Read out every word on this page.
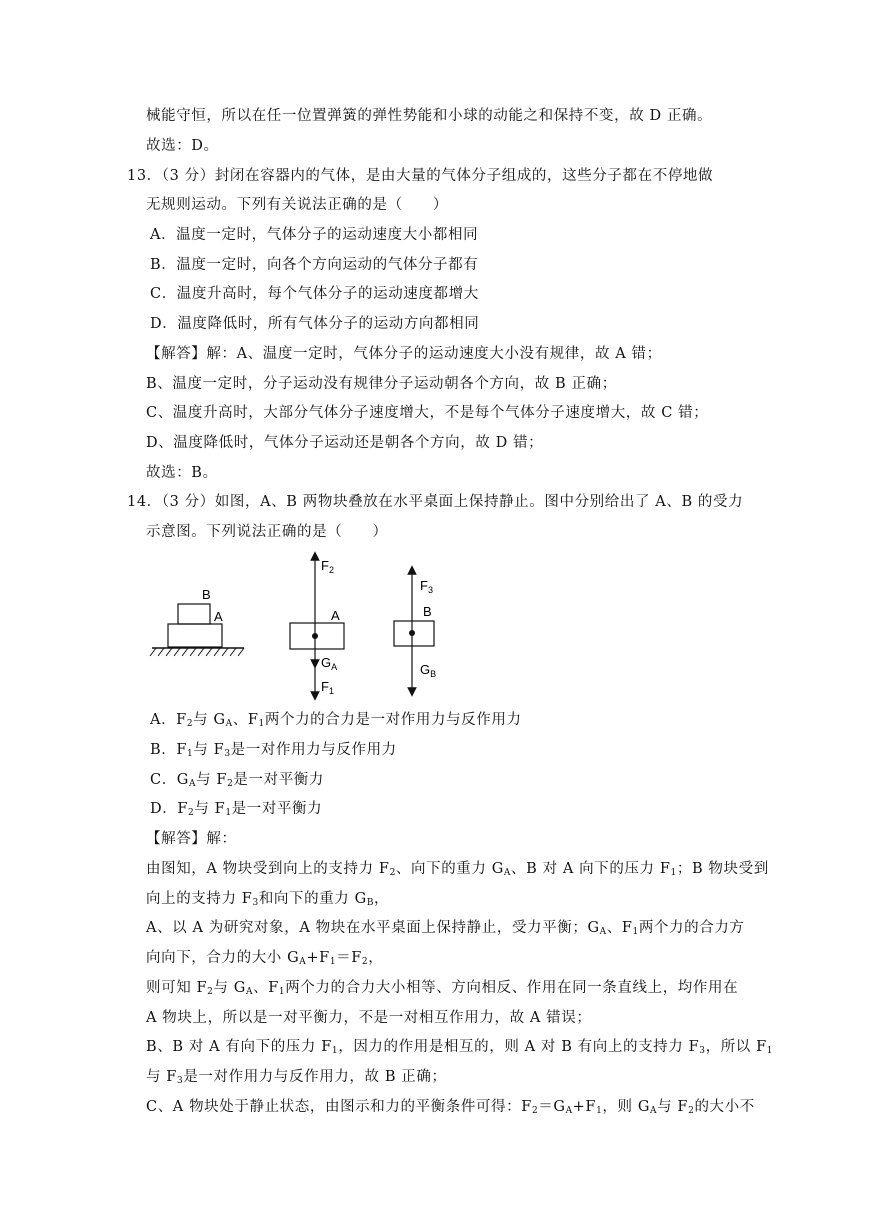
械能守恒，所以在任一位置弹簧的弹性势能和小球的动能之和保持不变，故 D 正确。
故选：D。
13．（3 分）封闭在容器内的气体，是由大量的气体分子组成的，这些分子都在不停地做
无规则运动。下列有关说法正确的是（　　）
A．温度一定时，气体分子的运动速度大小都相同
B．温度一定时，向各个方向运动的气体分子都有
C．温度升高时，每个气体分子的运动速度都增大
D．温度降低时，所有气体分子的运动方向都相同
【解答】解：A、温度一定时，气体分子的运动速度大小没有规律，故 A 错；
B、温度一定时，分子运动没有规律分子运动朝各个方向，故 B 正确；
C、温度升高时，大部分气体分子速度增大，不是每个气体分子速度增大，故 C 错；
D、温度降低时，气体分子运动还是朝各个方向，故 D 错；
故选：B。
14．（3 分）如图，A、B 两物块叠放在水平桌面上保持静止。图中分别给出了 A、B 的受力
示意图。下列说法正确的是（　　）
A．$F_2$与 $G_A$、$F_1$两个力的合力是一对作用力与反作用力
B．$F_1$与 $F_3$是一对作用力与反作用力
C．$G_A$与 $F_2$是一对平衡力
D．$F_2$与 $F_1$是一对平衡力
【解答】解：
由图知，A 物块受到向上的支持力 $F_2$、向下的重力 $G_A$、B 对 A 向下的压力 $F_1$；B 物块受到
向上的支持力 $F_3$和向下的重力 $G_B$，
A、以 A 为研究对象，A 物块在水平桌面上保持静止，受力平衡；$G_A$、$F_1$两个力的合力方
向向下，合力的大小 $G_A+F_1=F_2$，
则可知 $F_2$与 $G_A$、$F_1$两个力的合力大小相等、方向相反、作用在同一条直线上，均作用在
A 物块上，所以是一对平衡力，不是一对相互作用力，故 A 错误；
B、B 对 A 有向下的压力 $F_1$，因力的作用是相互的，则 A 对 B 有向上的支持力 $F_3$，所以 $F_1$
与 $F_3$是一对作用力与反作用力，故 B 正确；
C、A 物块处于静止状态，由图示和力的平衡条件可得：$F_2=G_A+F_1$，则 $G_A$与 $F_2$的大小不
B
A	A
$F_2$
$G_A$
$F_1$
B
$F_3$
$G_B$
